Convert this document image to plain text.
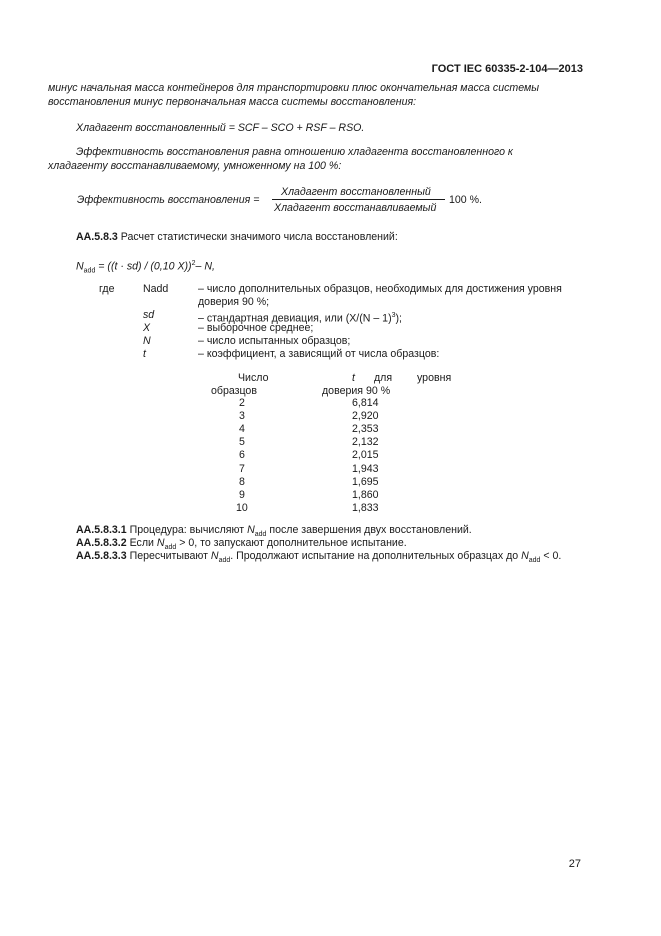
ГОСТ IEC 60335-2-104—2013
минус начальная масса контейнеров для транспортировки плюс окончательная масса системы
восстановления минус первоначальная масса системы восстановления:
Хладагент восстановленный = SCF – SCO + RSF – RSO.
Эффективность восстановления равна отношению хладагента восстановленного к
хладагенту восстанавливаемому, умноженному на 100 %:
Эффективность восстановления =
Хладагент восстановленный
Хладагент восстанавливаемый
100 %.
АА.5.8.3 Расчет статистически значимого числа восстановлений:
$N_{add} = ((t \cdot sd) / (0,10$ X))$^2$– N,
где	Nadd	– число дополнительных образцов, необходимых для достижения уровня
доверия 90 %;
sd	– стандартная девиация, или (X/(N – 1)$^3$);
X	– выборочное среднее;
N	– число испытанных образцов;
t	– коэффициент, а зависящий от числа образцов:
Число	t для уровня
образцов	доверия 90 %
2	6,814
3	2,920
4	2,353
5	2,132
6	2,015
7	1,943
8	1,695
9	1,860
10	1,833
АА.5.8.3.1 Процедура: вычисляют $N_{add}$ после завершения двух восстановлений.
АА.5.8.3.2 Если $N_{add} > 0$, то запускают дополнительное испытание.
АА.5.8.3.3 Пересчитывают $N_{add}$. Продолжают испытание на дополнительных образцах до $N_{add} < 0$.
27
